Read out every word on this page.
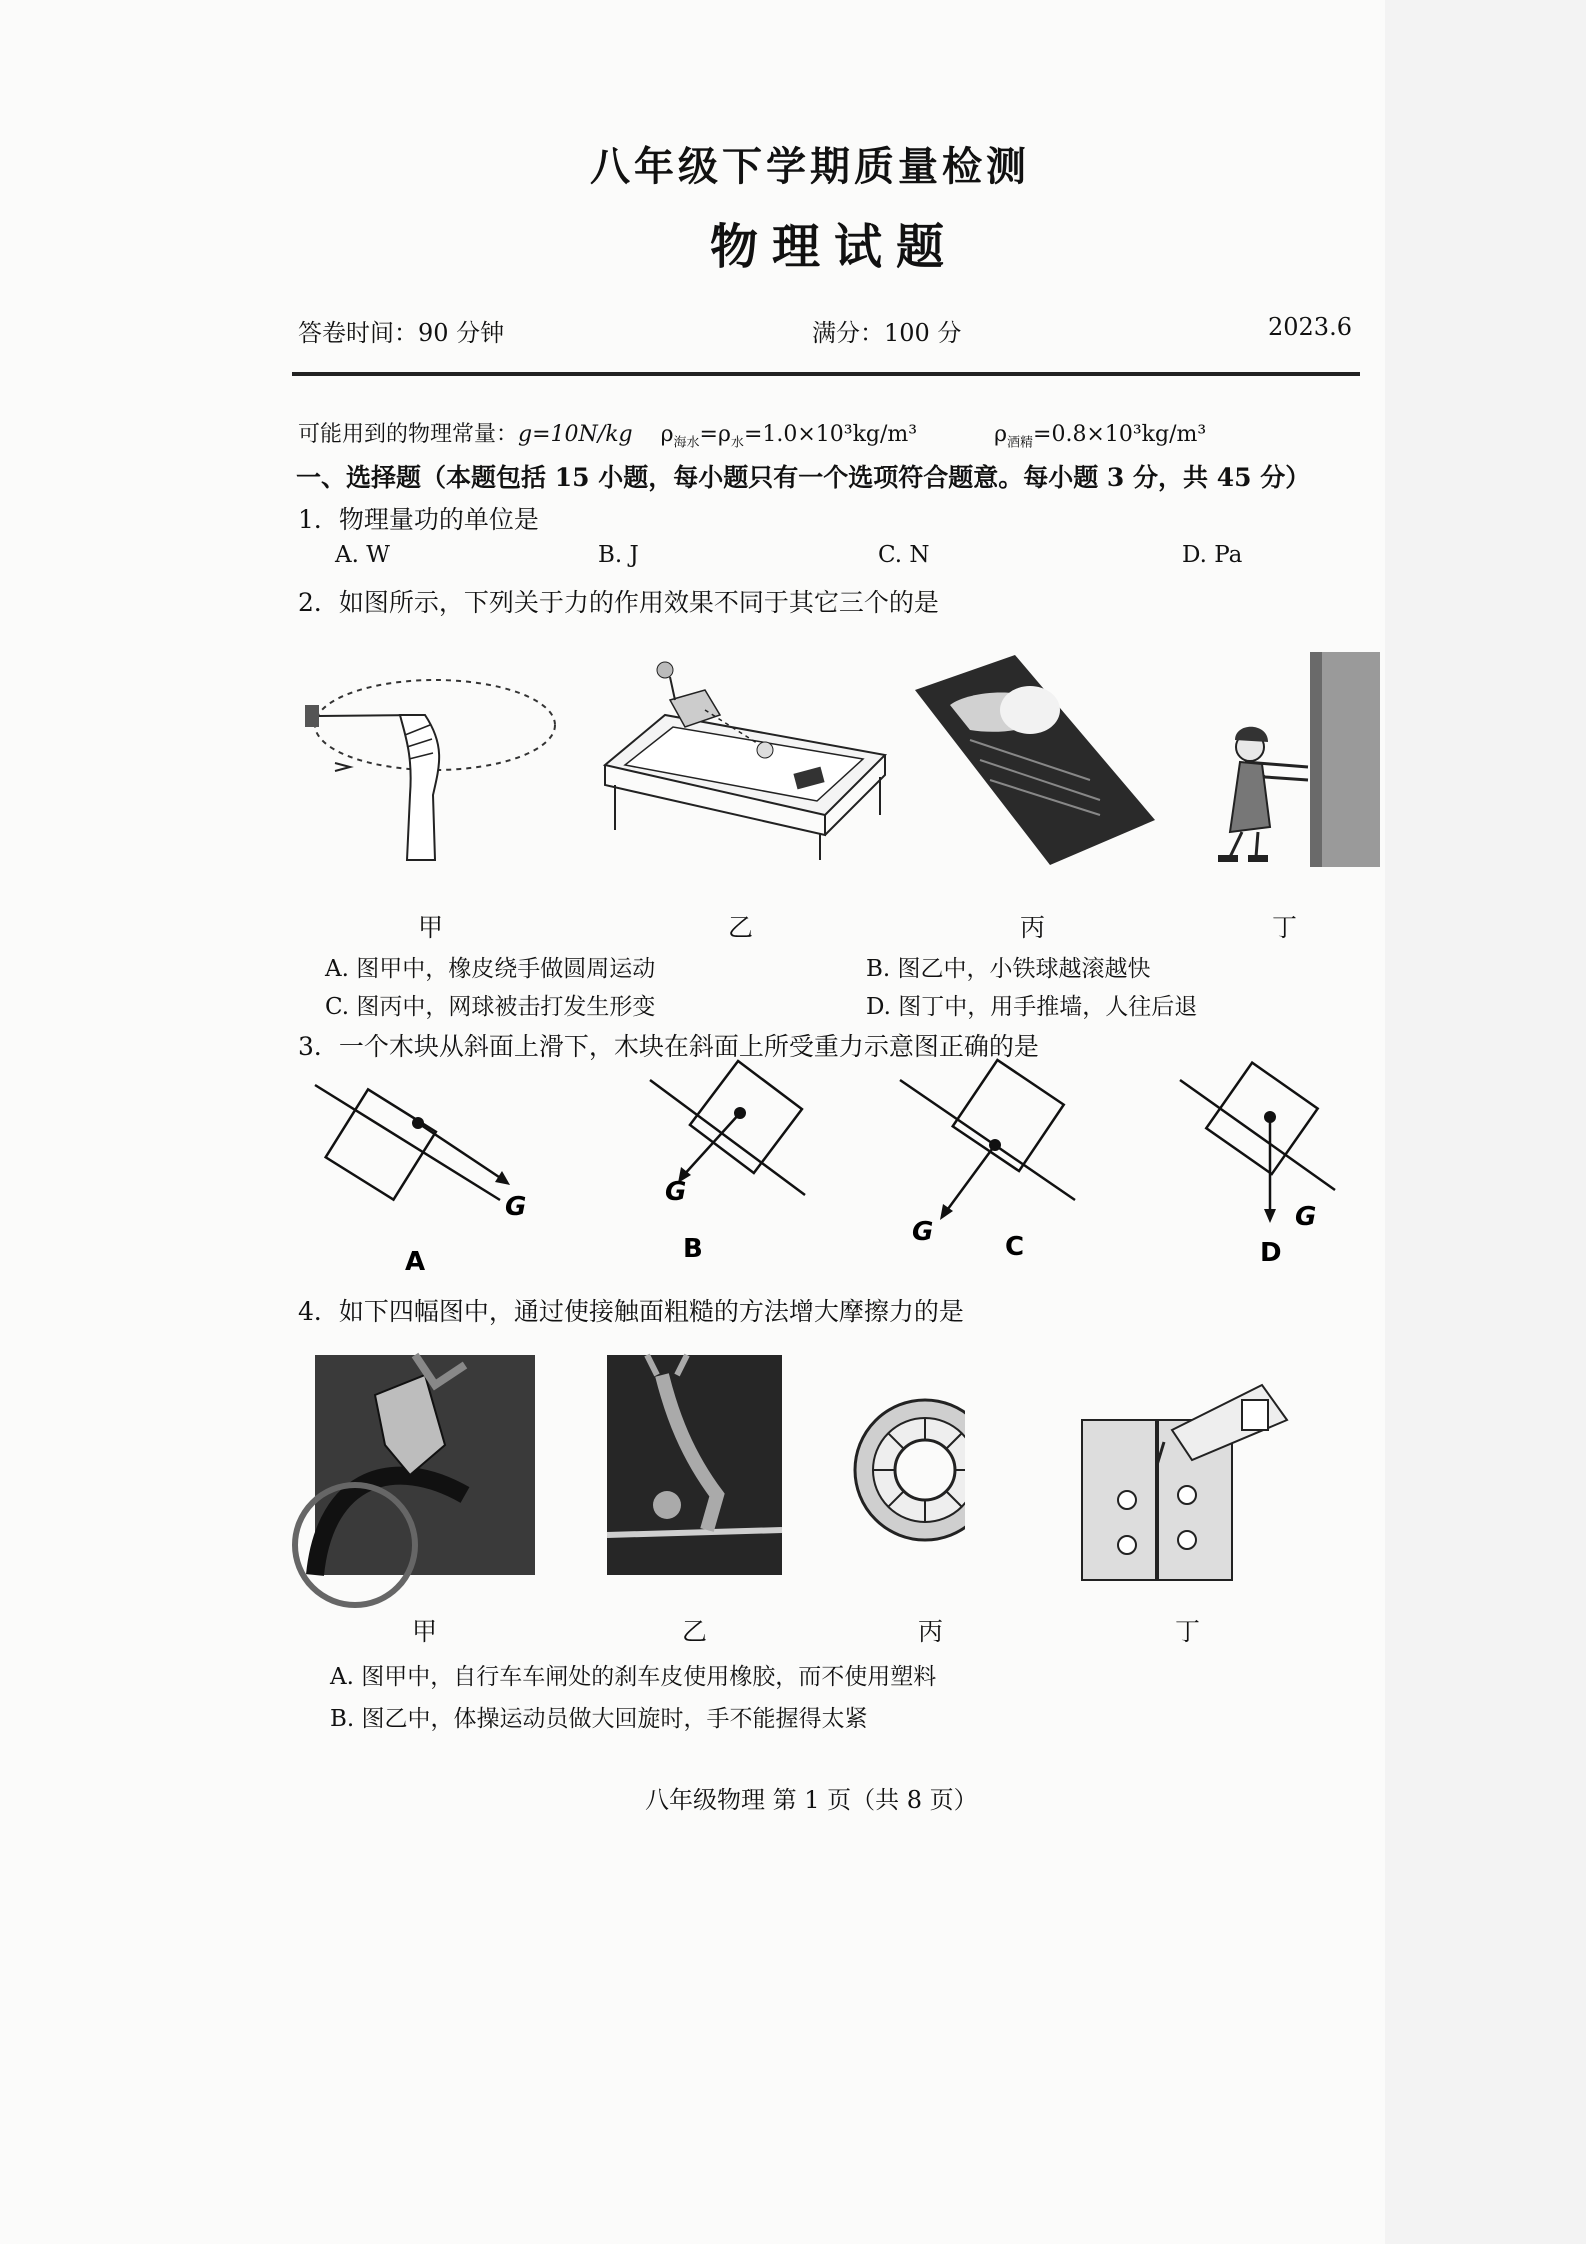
八年级下学期质量检测
物理试题
答卷时间：90 分钟	满分：100 分	2023.6
可能用到的物理常量：g=10N/kg $\rho_{海水}=\rho_水=1.0\times 10^3kg/m^3$	$\rho_{酒精}=0.8\times 10^3kg/m^3$
一、选择题（本题包括 15 小题，每小题只有一个选项符合题意。每小题 3 分，共 45 分）
1．物理量功的单位是
A. W	B. J	C. N	D. Pa
2．如图所示，下列关于力的作用效果不同于其它三个的是
甲	乙	丙	丁
A. 图甲中，橡皮绕手做圆周运动	B. 图乙中，小铁球越滚越快
C. 图丙中，网球被击打发生形变	D. 图丁中，用手推墙，人往后退
3．一个木块从斜面上滑下，木块在斜面上所受重力示意图正确的是
G
A
G
B
G	C
G
D
4．如下四幅图中，通过使接触面粗糙的方法增大摩擦力的是
甲	乙	丙	丁
A. 图甲中，自行车车闸处的刹车皮使用橡胶，而不使用塑料
B. 图乙中，体操运动员做大回旋时，手不能握得太紧
八年级物理 第 1 页（共 8 页）
